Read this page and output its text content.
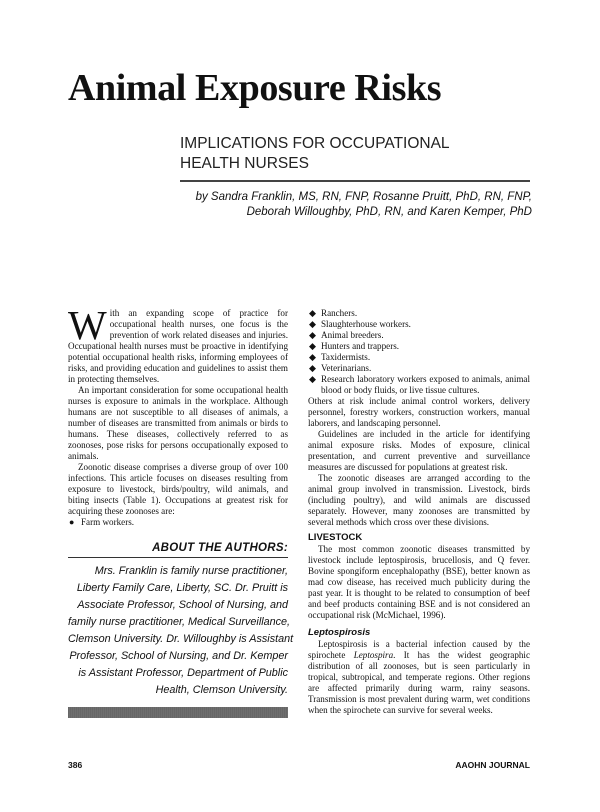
Animal Exposure Risks
IMPLICATIONS FOR OCCUPATIONAL
HEALTH NURSES
by Sandra Franklin, MS, RN, FNP, Rosanne Pruitt, PhD, RN, FNP,
Deborah Willoughby, PhD, RN, and Karen Kemper, PhD

With an expanding scope of practice for occupational health nurses, one focus is the prevention of work related diseases and injuries. Occupational health nurses must be proactive in identifying potential occupational health risks, informing employees of risks, and providing education and guidelines to assist them in protecting themselves.

An important consideration for some occupational health nurses is exposure to animals in the workplace. Although humans are not susceptible to all diseases of animals, a number of diseases are transmitted from animals or birds to humans. These diseases, collectively referred to as zoonoses, pose risks for persons occupationally exposed to animals.

Zoonotic disease comprises a diverse group of over 100 infections. This article focuses on diseases resulting from exposure to livestock, birds/poultry, wild animals, and biting insects (Table 1). Occupations at greatest risk for acquiring these zoonoses are:

● Farm workers.
ABOUT THE AUTHORS:
Mrs. Franklin is family nurse practitioner,
Liberty Family Care, Liberty, SC. Dr. Pruitt is
Associate Professor, School of Nursing, and
family nurse practitioner, Medical Surveillance,
Clemson University. Dr. Willoughby is Assistant
Professor, School of Nursing, and Dr. Kemper
is Assistant Professor, Department of Public
Health, Clemson University.
◆ Ranchers.
◆ Slaughterhouse workers.
◆ Animal breeders.
◆ Hunters and trappers.
◆ Taxidermists.
◆ Veterinarians.
◆ Research laboratory workers exposed to animals, animal blood or body fluids, or live tissue cultures.

Others at risk include animal control workers, delivery personnel, forestry workers, construction workers, manual laborers, and landscaping personnel.

Guidelines are included in the article for identifying animal exposure risks. Modes of exposure, clinical presentation, and current preventive and surveillance measures are discussed for populations at greatest risk.

The zoonotic diseases are arranged according to the animal group involved in transmission. Livestock, birds (including poultry), and wild animals are discussed separately. However, many zoonoses are transmitted by several methods which cross over these divisions.

LIVESTOCK

The most common zoonotic diseases transmitted by livestock include leptospirosis, brucellosis, and Q fever. Bovine spongiform encephalopathy (BSE), better known as mad cow disease, has received much publicity during the past year. It is thought to be related to consumption of beef and beef products containing BSE and is not considered an occupational risk (McMichael, 1996).

Leptospirosis

Leptospirosis is a bacterial infection caused by the spirochete Leptospira. It has the widest geographic distribution of all zoonoses, but is seen particularly in tropical, subtropical, and temperate regions. Other regions are affected primarily during warm, rainy seasons. Transmission is most prevalent during warm, wet conditions when the spirochete can survive for several weeks.

386	AAOHN JOURNAL
